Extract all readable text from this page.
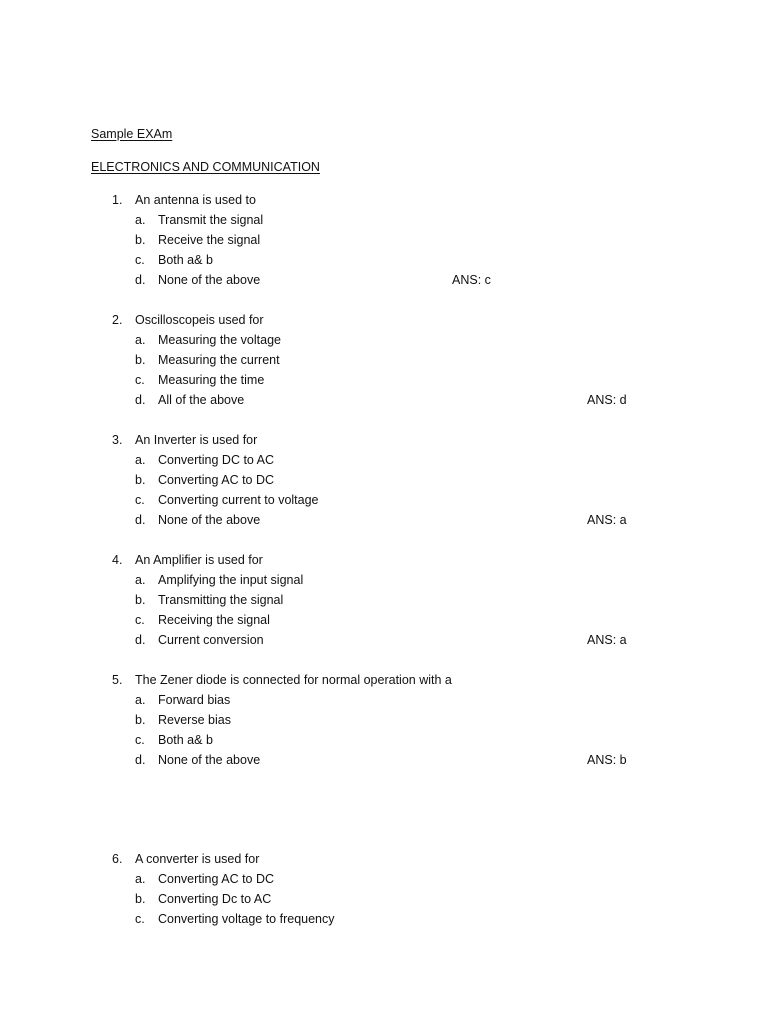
Sample EXAm
ELECTRONICS AND COMMUNICATION
1.	An antenna is used to
a.	Transmit the signal
b.	Receive the signal
c.	Both a& b
d.	None of the above	ANS: c
2.	Oscilloscopeis used for
a.	Measuring the voltage
b.	Measuring the current
c.	Measuring the time
d.	All of the above	ANS: d
3.	An Inverter is used for
a.	Converting DC to AC
b.	Converting AC to DC
c.	Converting current to voltage
d.	None of the above	ANS: a
4.	An Amplifier is used for
a.	Amplifying the input signal
b.	Transmitting the signal
c.	Receiving the signal
d.	Current conversion	ANS: a
5.	The Zener diode is connected for normal operation with a
a.	Forward bias
b.	Reverse bias
c.	Both a& b
d.	None of the above	ANS: b
6.	A converter is used for
a.	Converting AC to DC
b.	Converting Dc to AC
c.	Converting voltage to frequency
